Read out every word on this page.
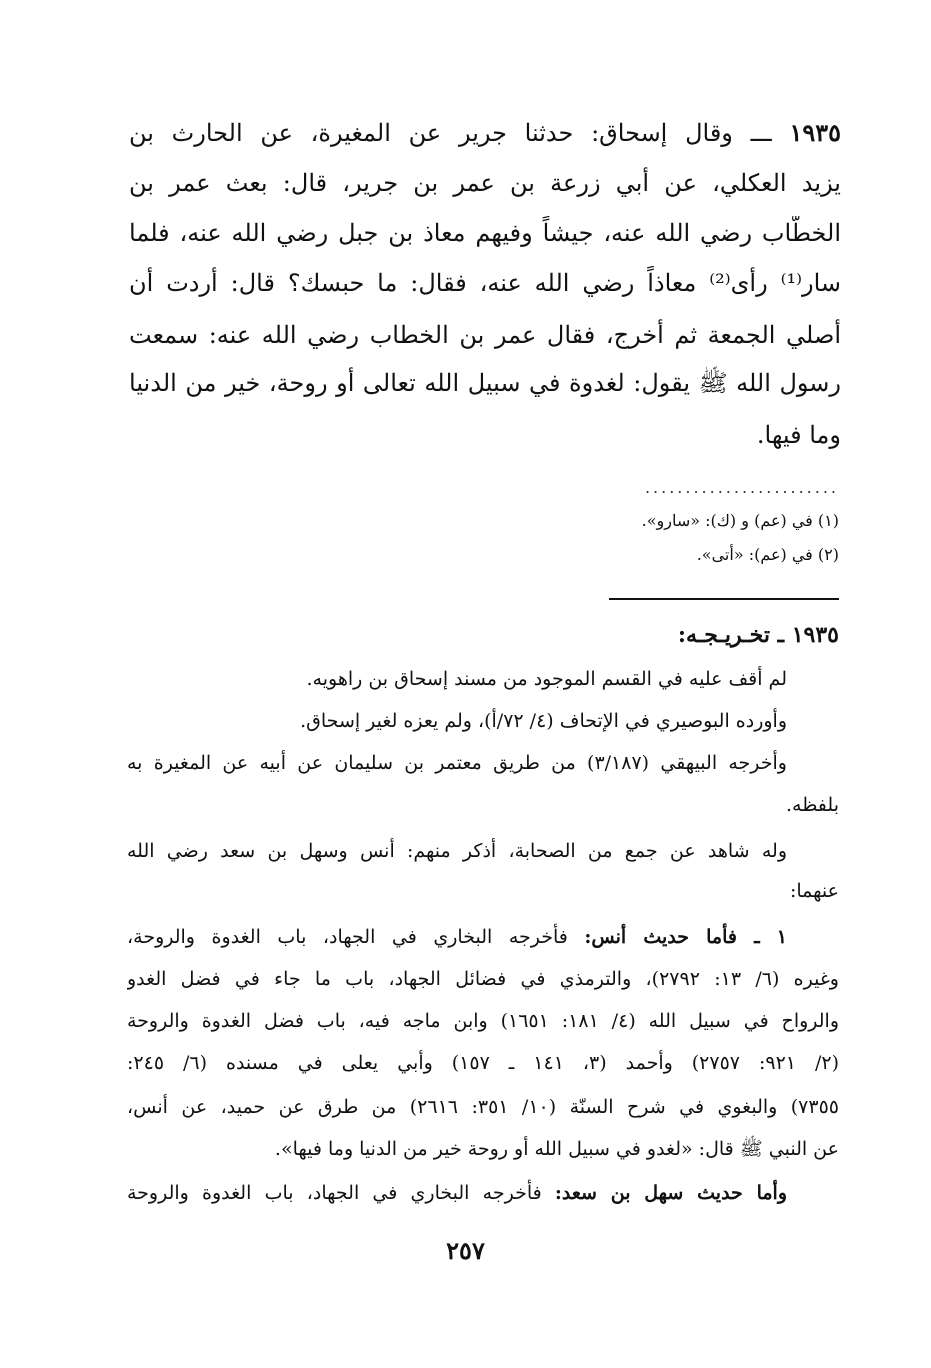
١٩٣٥ ـــ وقال إسحاق: حدثنا جرير عن المغيرة، عن الحارث بن
يزيد العكلي، عن أبي زرعة بن عمر بن جرير، قال: بعث عمر بن
الخطّاب رضي الله عنه، جيشاً وفيهم معاذ بن جبل رضي الله عنه، فلما
سار⁽¹⁾ رأى⁽²⁾ معاذاً رضي الله عنه، فقال: ما حبسك؟ قال: أردت أن
أصلي الجمعة ثم أخرج، فقال عمر بن الخطاب رضي الله عنه: سمعت
رسول الله ﷺ يقول: لغدوة في سبيل الله تعالى أو روحة، خير من الدنيا
وما فيها.
........................
(١) في (عم) و (ك): «سارو».
(٢) في (عم): «أتى».
١٩٣٥ ـ تخـريـجـه:
لم أقف عليه في القسم الموجود من مسند إسحاق بن راهويه.
وأورده البوصيري في الإتحاف (٤/ ٧٢/أ)، ولم يعزه لغير إسحاق.
وأخرجه البيهقي (٣/١٨٧) من طريق معتمر بن سليمان عن أبيه عن المغيرة به
بلفظه.
وله شاهد عن جمع من الصحابة، أذكر منهم: أنس وسهل بن سعد رضي الله
عنهما:
١ ـ فأما حديث أنس: فأخرجه البخاري في الجهاد، باب الغدوة والروحة،
وغيره (٦/ ١٣: ٢٧٩٢)، والترمذي في فضائل الجهاد، باب ما جاء في فضل الغدو
والرواح في سبيل الله (٤/ ١٨١: ١٦٥١) وابن ماجه فيه، باب فضل الغدوة والروحة
(٢/ ٩٢١: ٢٧٥٧) وأحمد (٣، ١٤١ ـ ١٥٧) وأبي يعلى في مسنده (٦/ ٢٤٥:
٧٣٥٥) والبغوي في شرح السنّة (١٠/ ٣٥١: ٢٦١٦) من طرق عن حميد، عن أنس،
عن النبي ﷺ قال: «لغدو في سبيل الله أو روحة خير من الدنيا وما فيها».
وأما حديث سهل بن سعد: فأخرجه البخاري في الجهاد، باب الغدوة والروحة
٢٥٧
